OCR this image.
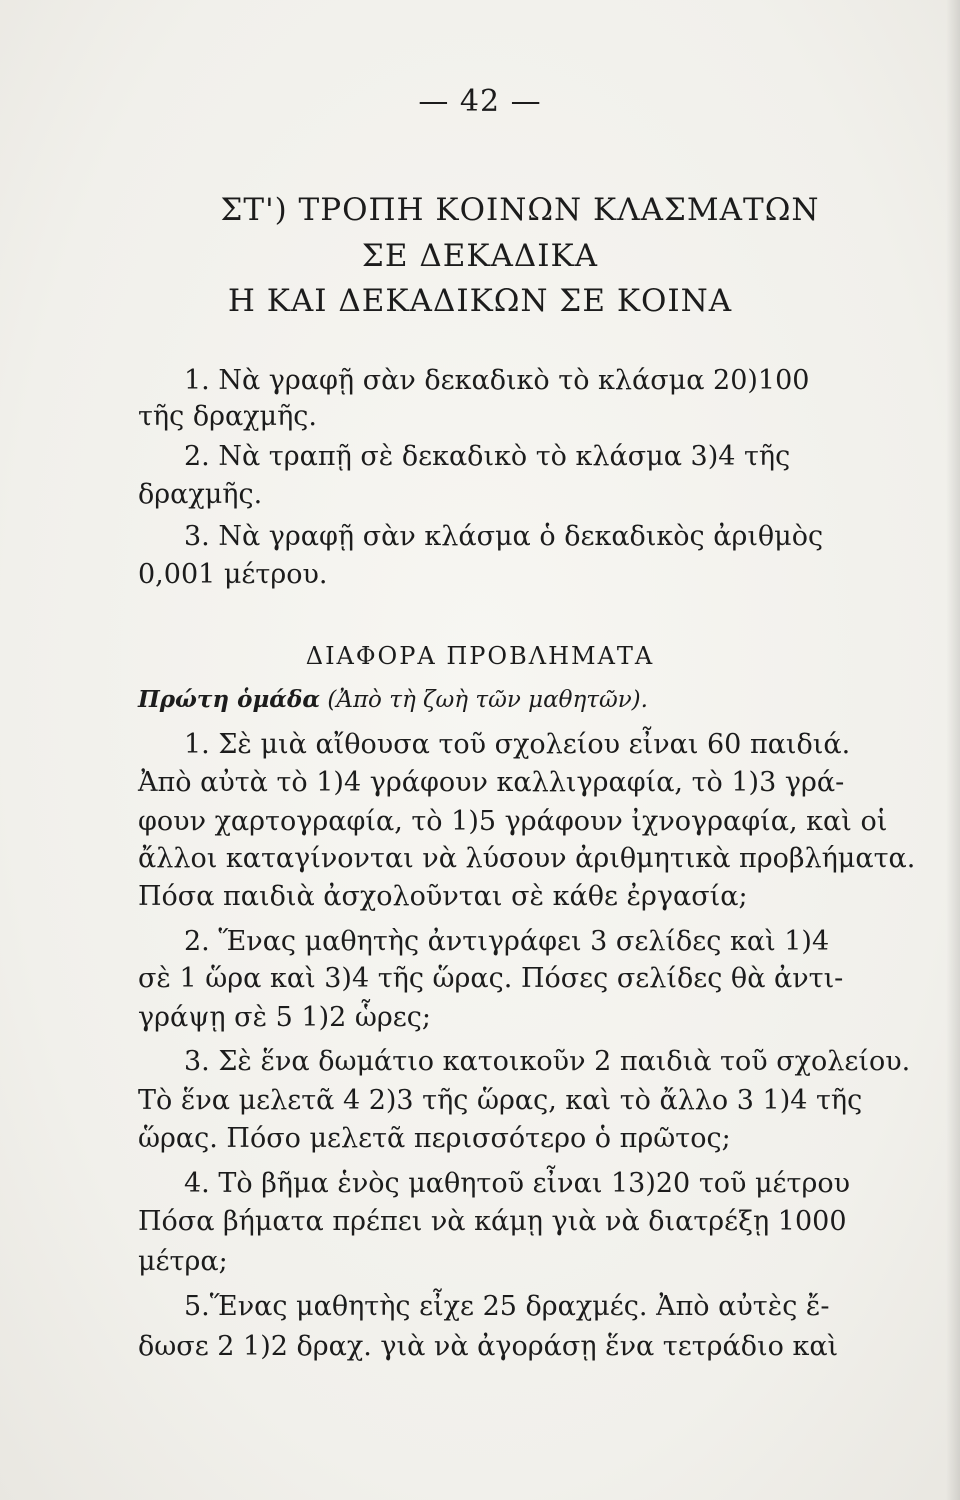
— 42 —
ΣΤ') ΤΡΟΠΗ ΚΟΙΝΩΝ ΚΛΑΣΜΑΤΩΝ
ΣΕ ΔΕΚΑΔΙΚΑ
Η ΚΑΙ ΔΕΚΑΔΙΚΩΝ ΣΕ ΚΟΙΝΑ
1. Νὰ γραφῇ σὰν δεκαδικὸ τὸ κλάσμα 20)100
τῆς δραχμῆς.
2. Νὰ τραπῇ σὲ δεκαδικὸ τὸ κλάσμα 3)4 τῆς
δραχμῆς.
3. Νὰ γραφῇ σὰν κλάσμα ὁ δεκαδικὸς ἀριθμὸς
0,001 μέτρου.
ΔΙΑΦΟΡΑ ΠΡΟΒΛΗΜΑΤΑ
Πρώτη ὁμάδα (Ἀπὸ τὴ ζωὴ τῶν μαθητῶν).
1. Σὲ μιὰ αἴθουσα τοῦ σχολείου εἶναι 60 παιδιά.
Ἀπὸ αὐτὰ τὸ 1)4 γράφουν καλλιγραφία, τὸ 1)3 γρά-
φουν χαρτογραφία, τὸ 1)5 γράφουν ἰχνογραφία, καὶ οἱ
ἄλλοι καταγίνονται νὰ λύσουν ἀριθμητικὰ προβλήματα.
Πόσα παιδιὰ ἀσχολοῦνται σὲ κάθε ἐργασία;
2. Ἕνας μαθητὴς ἀντιγράφει 3 σελίδες καὶ 1)4
σὲ 1 ὥρα καὶ 3)4 τῆς ὥρας. Πόσες σελίδες θὰ ἀντι-
γράψῃ σὲ 5 1)2 ὧρες;
3. Σὲ ἕνα δωμάτιο κατοικοῦν 2 παιδιὰ τοῦ σχολείου.
Τὸ ἕνα μελετᾶ 4 2)3 τῆς ὥρας, καὶ τὸ ἄλλο 3 1)4 τῆς
ὥρας. Πόσο μελετᾶ περισσότερο ὁ πρῶτος;
4. Τὸ βῆμα ἑνὸς μαθητοῦ εἶναι 13)20 τοῦ μέτρου
Πόσα βήματα πρέπει νὰ κάμῃ γιὰ νὰ διατρέξῃ 1000
μέτρα;
5.Ἕνας μαθητὴς εἶχε 25 δραχμές. Ἀπὸ αὐτὲς ἔ-
δωσε 2 1)2 δραχ. γιὰ νὰ ἀγοράσῃ ἕνα τετράδιο καὶ
